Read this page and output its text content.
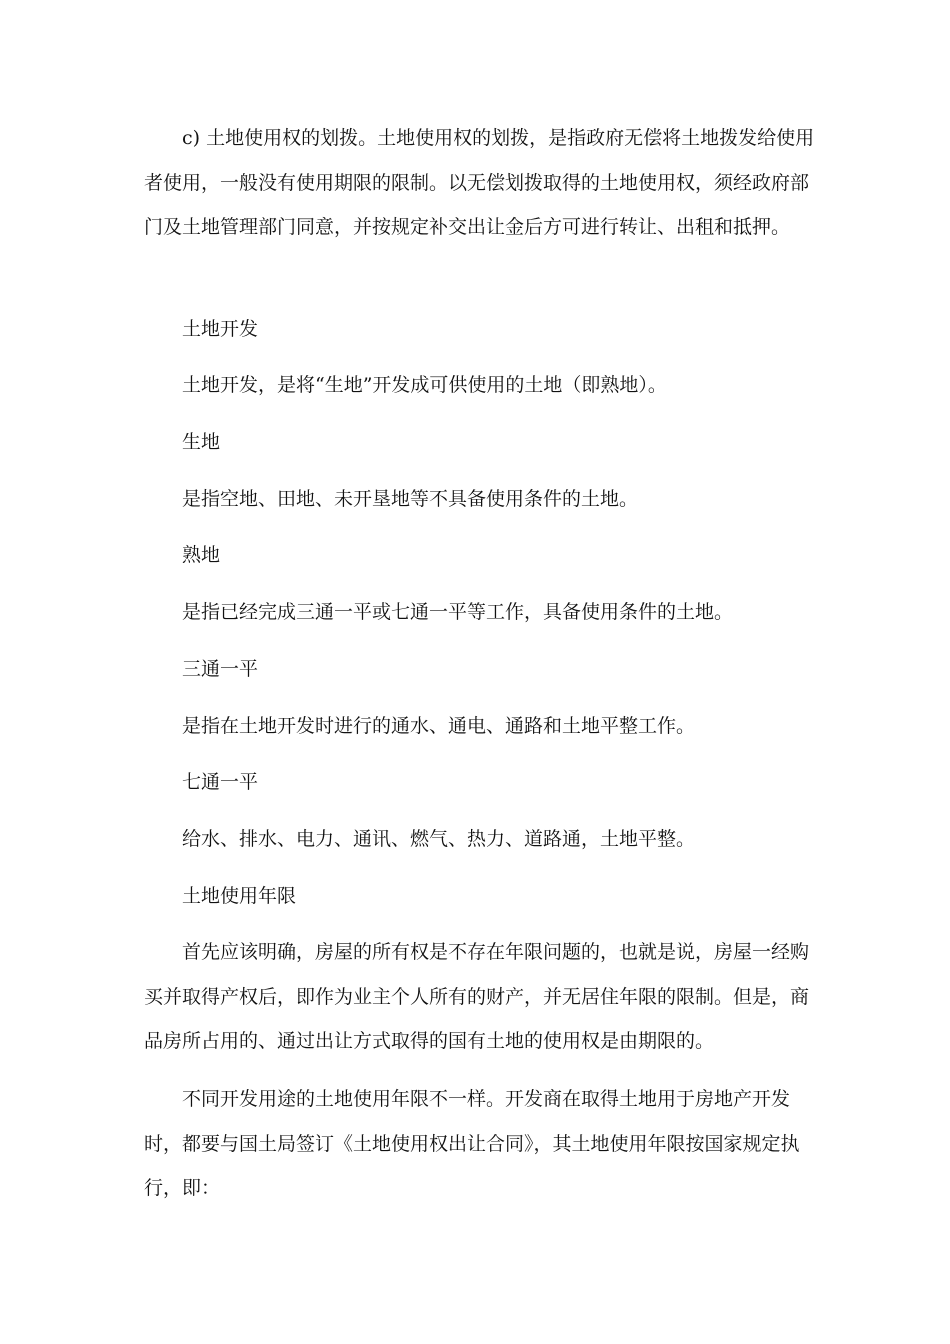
c) 土地使用权的划拨。土地使用权的划拨，是指政府无偿将土地拨发给使用者使用，一般没有使用期限的限制。以无偿划拨取得的土地使用权，须经政府部门及土地管理部门同意，并按规定补交出让金后方可进行转让、出租和抵押。

土地开发

土地开发，是将“生地”开发成可供使用的土地（即熟地）。

生地

是指空地、田地、未开垦地等不具备使用条件的土地。

熟地

是指已经完成三通一平或七通一平等工作，具备使用条件的土地。

三通一平

是指在土地开发时进行的通水、通电、通路和土地平整工作。

七通一平

给水、排水、电力、通讯、燃气、热力、道路通，土地平整。

土地使用年限

首先应该明确，房屋的所有权是不存在年限问题的，也就是说，房屋一经购买并取得产权后，即作为业主个人所有的财产，并无居住年限的限制。但是，商品房所占用的、通过出让方式取得的国有土地的使用权是由期限的。

不同开发用途的土地使用年限不一样。开发商在取得土地用于房地产开发时，都要与国土局签订《土地使用权出让合同》，其土地使用年限按国家规定执行，即：
